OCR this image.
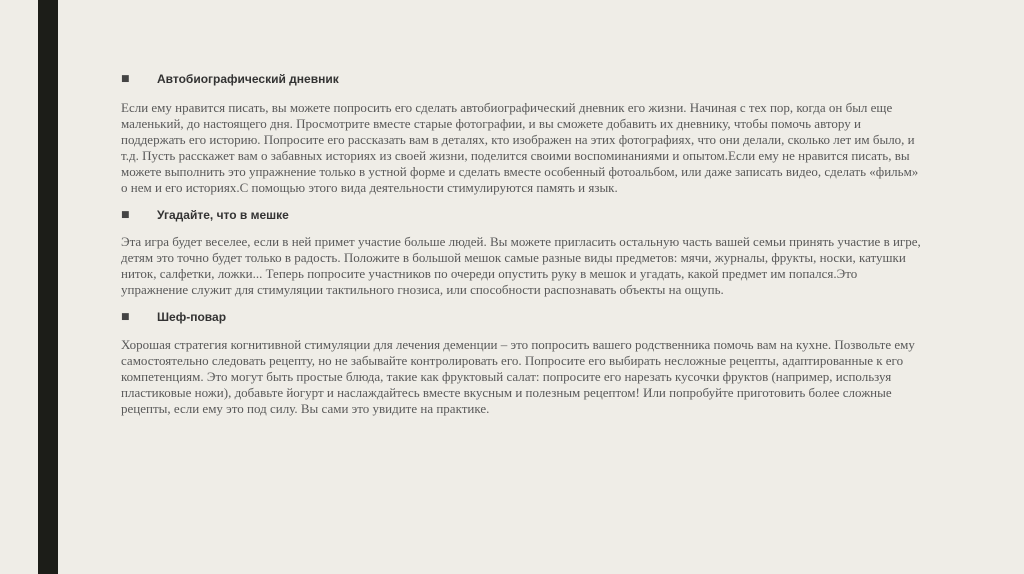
■	Автобиографический дневник

Если ему нравится писать, вы можете попросить его сделать автобиографический дневник его жизни. Начиная с тех пор, когда он был еще маленький, до настоящего дня. Просмотрите вместе старые фотографии, и вы сможете добавить их дневнику, чтобы помочь автору и поддержать его историю. Попросите его рассказать вам в деталях, кто изображен на этих фотографиях, что они делали, сколько лет им было, и т.д. Пусть расскажет вам о забавных историях из своей жизни, поделится своими воспоминаниями и опытом.Если ему не нравится писать, вы можете выполнить это упражнение только в устной форме и сделать вместе особенный фотоальбом, или даже записать видео, сделать «фильм» о нем и его историях.С помощью этого вида деятельности стимулируются память и язык.

■	Угадайте, что в мешке

Эта игра будет веселее, если в ней примет участие больше людей. Вы можете пригласить остальную часть вашей семьи принять участие в игре, детям это точно будет только в радость. Положите в большой мешок самые разные виды предметов: мячи, журналы, фрукты, носки, катушки ниток, салфетки, ложки... Теперь попросите участников по очереди опустить руку в мешок и угадать, какой предмет им попался.Это упражнение служит для стимуляции тактильного гнозиса, или способности распознавать объекты на ощупь.

■	Шеф-повар

Хорошая стратегия когнитивной стимуляции для лечения деменции – это попросить вашего родственника помочь вам на кухне. Позвольте ему самостоятельно следовать рецепту, но не забывайте контролировать его. Попросите его выбирать несложные рецепты, адаптированные к его компетенциям. Это могут быть простые блюда, такие как фруктовый салат: попросите его нарезать кусочки фруктов (например, используя пластиковые ножи), добавьте йогурт и наслаждайтесь вместе вкусным и полезным рецептом! Или попробуйте приготовить более сложные рецепты, если ему это под силу. Вы сами это увидите на практике.
